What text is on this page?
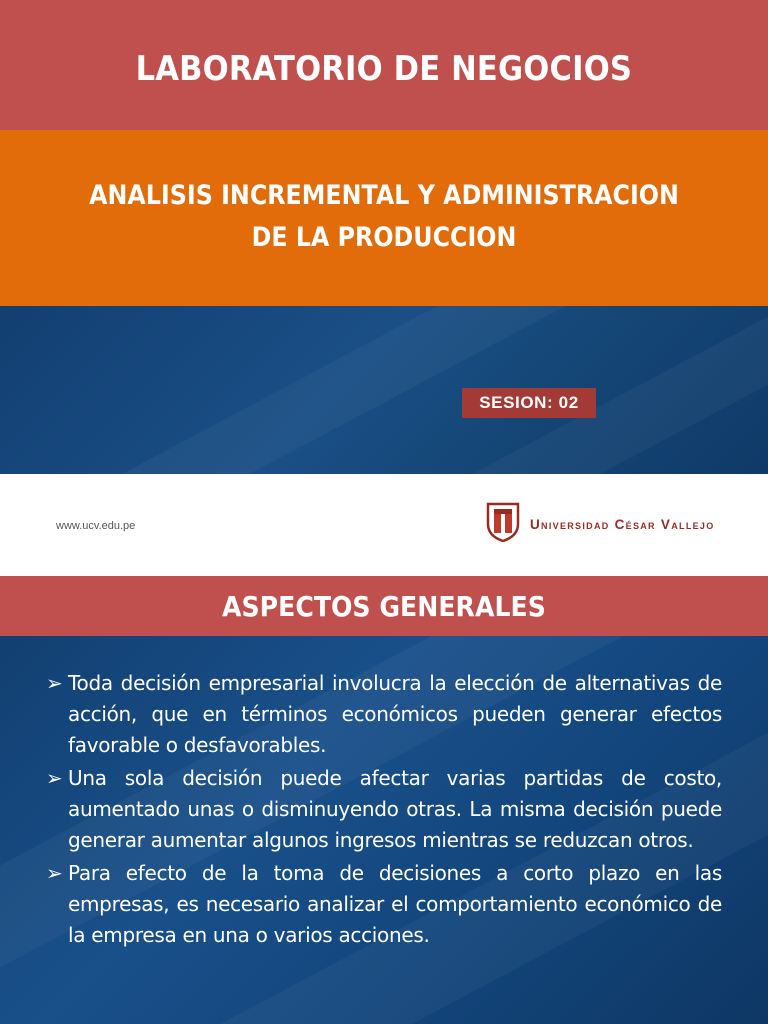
LABORATORIO DE NEGOCIOS
ANALISIS INCREMENTAL Y ADMINISTRACION
DE LA PRODUCCION
SESION: 02
www.ucv.edu.pe	Universidad César Vallejo
ASPECTOS GENERALES
➢ Toda decisión empresarial involucra la elección de alternativas de acción, que en términos económicos pueden generar efectos favorable o desfavorables.
➢ Una sola decisión puede afectar varias partidas de costo, aumentado unas o disminuyendo otras. La misma decisión puede generar aumentar algunos ingresos mientras se reduzcan otros.
➢ Para efecto de la toma de decisiones a corto plazo en las empresas, es necesario analizar el comportamiento económico de la empresa en una o varios acciones.
